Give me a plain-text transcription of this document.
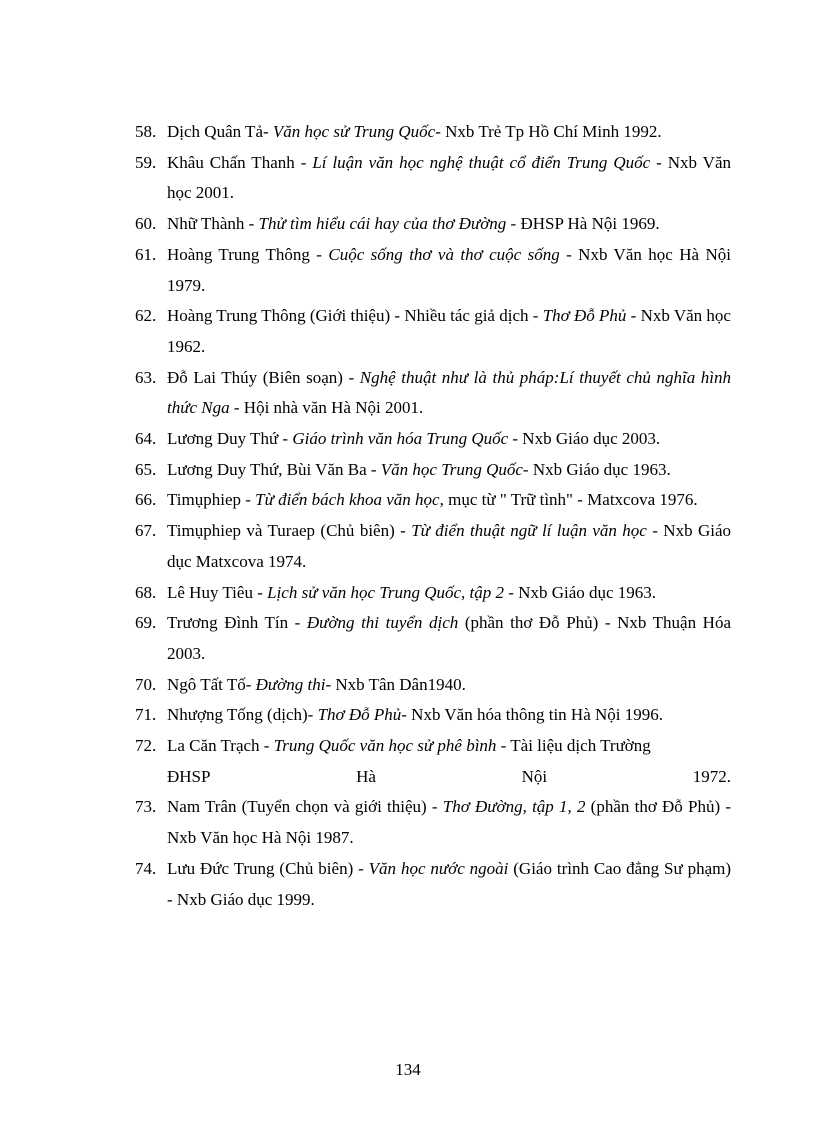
58. Dịch Quân Tả- Văn học sử Trung Quốc- Nxb Trẻ Tp Hồ Chí Minh 1992.

59. Khâu Chấn Thanh - Lí luận văn học nghệ thuật cổ điển Trung Quốc - Nxb Văn học 2001.

60. Nhữ Thành - Thử tìm hiểu cái hay của thơ Đường - ĐHSP Hà Nội 1969.

61. Hoàng Trung Thông - Cuộc sống thơ và thơ cuộc sống - Nxb Văn học Hà Nội 1979.

62. Hoàng Trung Thông (Giới thiệu) - Nhiều tác giả dịch - Thơ Đỗ Phủ - Nxb Văn học 1962.

63. Đỗ Lai Thúy (Biên soạn) - Nghệ thuật như là thủ pháp:Lí thuyết chủ nghĩa hình thức Nga - Hội nhà văn Hà Nội 2001.

64. Lương Duy Thứ - Giáo trình văn hóa Trung Quốc - Nxb Giáo dục 2003.

65. Lương Duy Thứ, Bùi Văn Ba - Văn học Trung Quốc- Nxb Giáo dục 1963.

66. Timụphiep - Từ điển bách khoa văn học, mục từ " Trữ tình" - Matxcova 1976.

67. Timụphiep và Turaep (Chủ biên) - Từ điển thuật ngữ lí luận văn học - Nxb Giáo dục Matxcova 1974.

68. Lê Huy Tiêu - Lịch sử văn học Trung Quốc, tập 2 - Nxb Giáo dục 1963.

69. Trương Đình Tín - Đường thi tuyển dịch (phần thơ Đỗ Phủ) - Nxb Thuận Hóa 2003.

70. Ngô Tất Tố- Đường thi- Nxb Tân Dân1940.

71. Nhượng Tống (dịch)- Thơ Đỗ Phủ- Nxb Văn hóa thông tin Hà Nội 1996.

72. La Căn Trạch - Trung Quốc văn học sử phê bình - Tài liệu dịch Trường
ĐHSP	Hà	Nội	1972.

73. Nam Trân (Tuyển chọn và giới thiệu) - Thơ Đường, tập 1, 2 (phần thơ Đỗ Phủ) - Nxb Văn học Hà Nội 1987.

74. Lưu Đức Trung (Chủ biên) - Văn học nước ngoài (Giáo trình Cao đẳng Sư phạm) - Nxb Giáo dục 1999.

134
